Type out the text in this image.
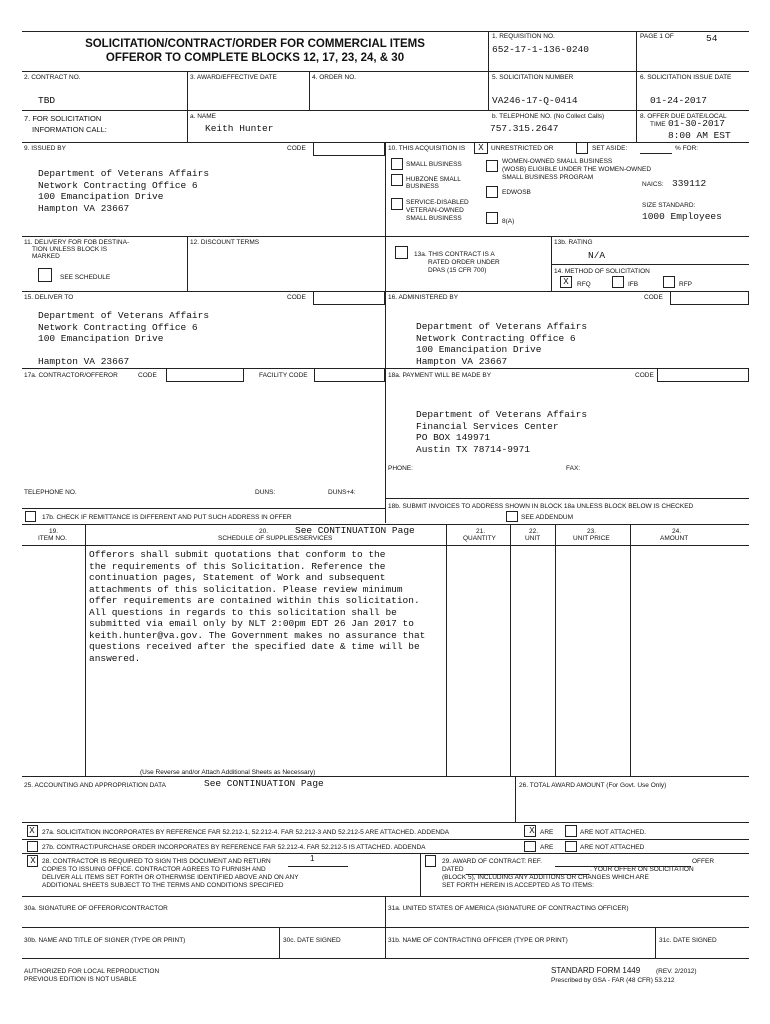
SOLICITATION/CONTRACT/ORDER FOR COMMERCIAL ITEMS
OFFEROR TO COMPLETE BLOCKS 12, 17, 23, 24, & 30
1. REQUISITION NO.
652-17-1-136-0240
PAGE 1 OF	54
2. CONTRACT NO.
TBD
3. AWARD/EFFECTIVE DATE	4. ORDER NO.	5. SOLICITATION NUMBER
VA246-17-Q-0414
6. SOLICITATION ISSUE DATE
01-24-2017
7. FOR SOLICITATION
INFORMATION CALL:
a. NAME
Keith Hunter
b. TELEPHONE NO. (No Collect Calls)
757.315.2647
8. OFFER DUE DATE/LOCAL
TIME 01-30-2017
8:00 AM EST
9. ISSUED BY	CODE
Department of Veterans Affairs
Network Contracting Office 6
100 Emancipation Drive
Hampton VA 23667
10. THIS ACQUISITION IS X	UNRESTRICTED OR	SET ASIDE:	% FOR:
SMALL BUSINESS
HUBZONE SMALL
BUSINESS
SERVICE-DISABLED
VETERAN-OWNED
SMALL BUSINESS
WOMEN-OWNED SMALL BUSINESS
(WOSB) ELIGIBLE UNDER THE WOMEN-OWNED
SMALL BUSINESS PROGRAM
EDWOSB
8(A)
NAICS: 339112
SIZE STANDARD:
1000 Employees
11. DELIVERY FOR FOB DESTINA-
TION UNLESS BLOCK IS
MARKED
SEE SCHEDULE
12. DISCOUNT TERMS
13a. THIS CONTRACT IS A
RATED ORDER UNDER
DPAS (15 CFR 700)
13b. RATING
N/A
14. METHOD OF SOLICITATION
X	RFQ	IFB	RFP
15. DELIVER TO	CODE
Department of Veterans Affairs
Network Contracting Office 6
100 Emancipation Drive
Hampton VA 23667
16. ADMINISTERED BY	CODE
Department of Veterans Affairs
Network Contracting Office 6
100 Emancipation Drive
Hampton VA 23667
17a. CONTRACTOR/OFFEROR	CODE	FACILITY CODE
TELEPHONE NO.	DUNS:	DUNS+4:
17b. CHECK IF REMITTANCE IS DIFFERENT AND PUT SUCH ADDRESS IN OFFER
18a. PAYMENT WILL BE MADE BY	CODE
Department of Veterans Affairs
Financial Services Center
PO BOX 149971
Austin TX 78714-9971
PHONE:	FAX:
18b. SUBMIT INVOICES TO ADDRESS SHOWN IN BLOCK 18a UNLESS BLOCK BELOW IS CHECKED
SEE ADDENDUM
19.
ITEM NO.
20.	See CONTINUATION Page
SCHEDULE OF SUPPLIES/SERVICES
21.
QUANTITY
22.
UNIT
23.
UNIT PRICE
24.
AMOUNT
Offerors shall submit quotations that conform to the
the requirements of this Solicitation. Reference the
continuation pages, Statement of Work and subsequent
attachments of this solicitation. Please review minimum
offer requirements are contained within this solicitation.
All questions in regards to this solicitation shall be
submitted via email only by NLT 2:00pm EDT 26 Jan 2017 to
keith.hunter@va.gov. The Government makes no assurance that
questions received after the specified date & time will be
answered.
(Use Reverse and/or Attach Additional Sheets as Necessary)
25. ACCOUNTING AND APPROPRIATION DATA	See CONTINUATION Page	26. TOTAL AWARD AMOUNT (For Govt. Use Only)
X	27a. SOLICITATION INCORPORATES BY REFERENCE FAR 52.212-1, 52.212-4. FAR 52.212-3 AND 52.212-5 ARE ATTACHED. ADDENDA
27b. CONTRACT/PURCHASE ORDER INCORPORATES BY REFERENCE FAR 52.212-4. FAR 52.212-5 IS ATTACHED. ADDENDA
X ARE	ARE NOT ATTACHED.
ARE	ARE NOT ATTACHED
X 28. CONTRACTOR IS REQUIRED TO SIGN THIS DOCUMENT AND RETURN	1
COPIES TO ISSUING OFFICE. CONTRACTOR AGREES TO FURNISH AND
DELIVER ALL ITEMS SET FORTH OR OTHERWISE IDENTIFIED ABOVE AND ON ANY
ADDITIONAL SHEETS SUBJECT TO THE TERMS AND CONDITIONS SPECIFIED
29. AWARD OF CONTRACT: REF.	OFFER
DATED	. YOUR OFFER ON SOLICITATION
(BLOCK 5), INCLUDING ANY ADDITIONS OR CHANGES WHICH ARE
SET FORTH HEREIN IS ACCEPTED AS TO ITEMS:
30a. SIGNATURE OF OFFEROR/CONTRACTOR	31a. UNITED STATES OF AMERICA (SIGNATURE OF CONTRACTING OFFICER)
30b. NAME AND TITLE OF SIGNER (TYPE OR PRINT)	30c. DATE SIGNED	31b. NAME OF CONTRACTING OFFICER (TYPE OR PRINT)	31c. DATE SIGNED
AUTHORIZED FOR LOCAL REPRODUCTION
PREVIOUS EDITION IS NOT USABLE
STANDARD FORM 1449 (REV. 2/2012)
Prescribed by GSA - FAR (48 CFR) 53.212
